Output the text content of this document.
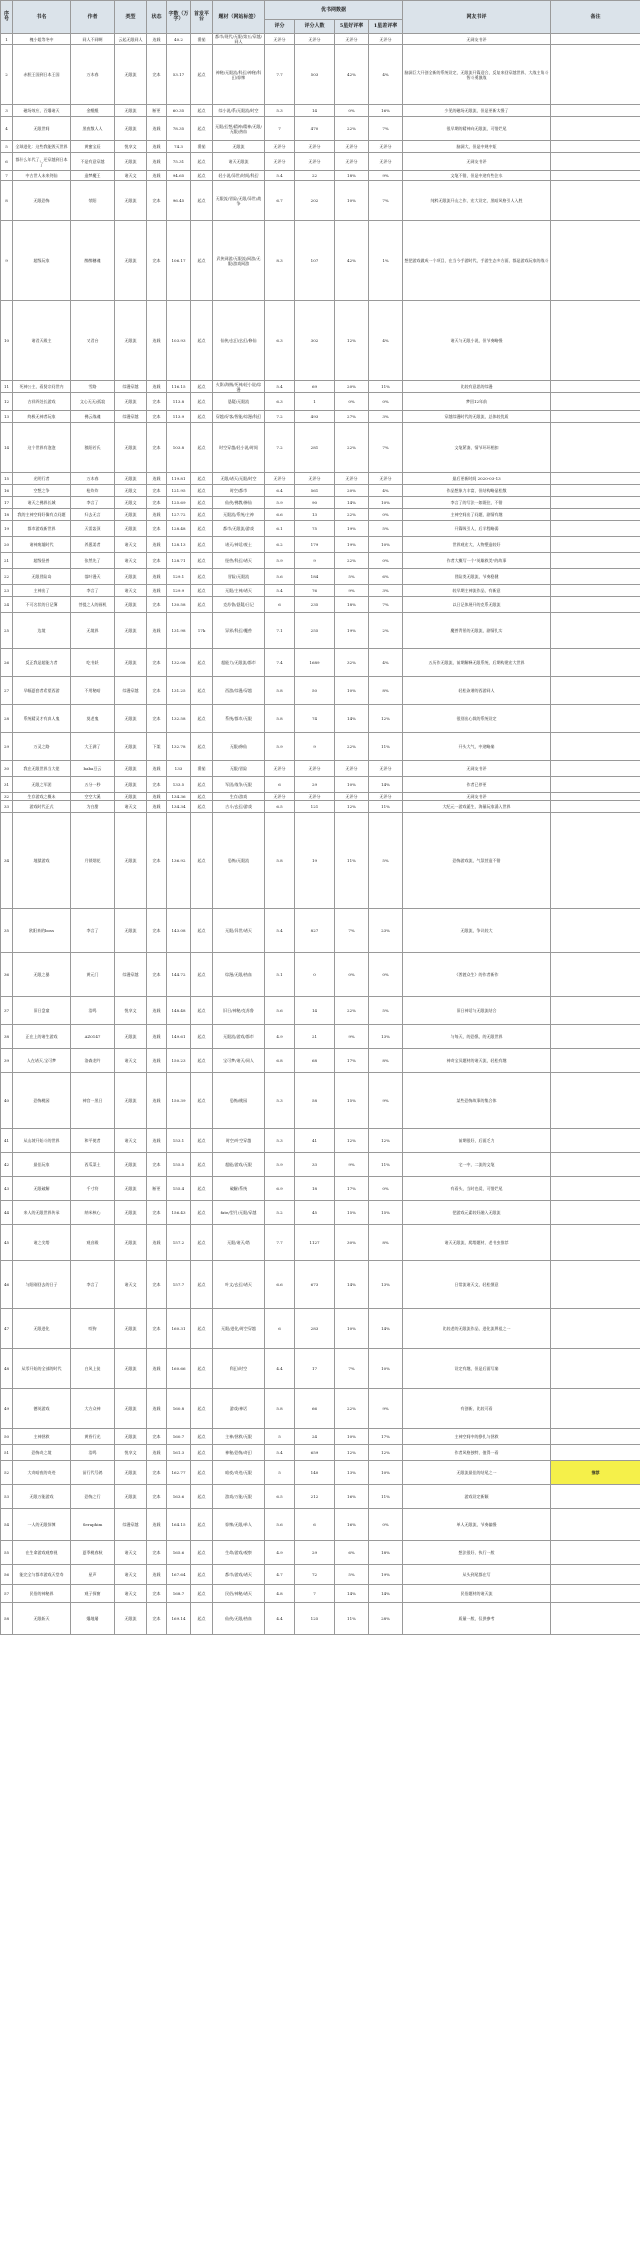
序号	书名	作者	类型	状态	字数（万字）	首发平台	题材（网站标签）	优书网数据				网友书评	备注
								评分	评分人数	5星好评率	1星差评率		
1	槐小姐等冬中	同人不同啊	云起无限同人	连载	40.2	番茄	都市/现代/无限/第五/穿越/同人	无评分	无评分	无评分	无评分	无网友书评	
2	赤胆王国到日本王国	万木春	无限流	完本	53.17	起点	神秘/无限流/科幻/神秘/科幻/惊悚	7.7	503	42%	4%	脑洞巨大开创全新的系统设定，无限流开篇迎合，反复来回穿越世界，大战主角斗智斗勇激战	
3	磁场效应，百爆诸天	金鲲鲲	无限流	断更	60.35	起点	综小说/系/无限流/时空	5.3	14	0%	16%	少见的磁场无限流，但是更新太慢了	
4	无限世间	黑夜散人人	无限流	连载	78.35	起点	无限/幻想/精神/精神/无限/无限/热血	7	470	22%	7%	很早期的精神向无限流，可惜烂尾	
5	全球进化：这些我能毁灭世界	黄蜜宝辰	悦享文	连载	74.3	番茄	无限流	无评分	无评分	无评分	无评分	脑洞大，但是中规中矩	
6	都什么年代了，还穿越到日本了	不是有意穿越	无限流	连载	75.31	起点	诸天无限流	无评分	无评分	无评分	无评分	无网友书评	
7	中古世人未来剑仙	造梦魔王	诸天文	连载	94.65	起点	轻小说/异世/时间/科幻	5.4	22	18%	9%	文笔不错，但是中途有些注水	
8	无限恐怖	荥阳	无限流	完本	96.45	起点	无限流/冒险/无限/异世/战争	6.7	202	10%	7%	纯粹无限流开山之作，宏大设定，黑暗风格引人入胜	
9	超级玩家	醉醉糖魂	无限流	完本	106.17	起点	武侠网游/无限流/网游/无限/游戏网游	8.3	107	42%	1%	想把游戏做成一个项目，在当今手游时代，手游生态多方面，都是游戏玩家的战斗	
10	诸君天殿主	又君台	无限流	连载	103.93	起点	仙侠/玄幻/玄幻/修仙	6.3	302	12%	4%	诸天与无限小说，但节奏略慢	
11	死神公主，看贤宗问世内	雪路	综漫穿越	连载	116.15	起点	火影/海贼/死神/轻小说/综漫	5.4	69	20%	11%	比较有意思的综漫	
12	吉祥四处长游戏	文心无无/孤寂	无限流	完本	113.8	起点	悬疑/无限流	6.3	1	0%	0%	梦回12年前	
13	终极无神者玩家	佛云战魂	综漫穿越	完本	113.9	起点	穿越/好客/智能/综漫/科幻	7.2	493	27%	3%	穿越综漫时代的无限流，总体较优质	
14	这个世界有泡泡	狼阳若氏	无限流	完本	103.8	起点	时空穿越/轻小说/时间	7.2	281	22%	7%	文笔紧凑，情节环环相扣	
15	光明行者	万木春	无限流	连载	119.81	起点	无限/诸天/无限/时空	无评分	无评分	无评分	无评分	最后更新时间 2020-03-13	
16	空想之争	枪炸炸	无限文	完本	121.95	起点	时空/都市	6.4	561	20%	4%	作品想象力丰富，但结构略显松散	
17	诸天之佛界长城	李言了	无限文	完本	125.69	起点	仙侠/佛教/修仙	5.9	90	14%	10%	李言了的写法一如既往，不错	
18	我的主神空间好像有点问题	归去无言	无限流	连载	127.72	起点	无限流/系统/主神	6.6	13	22%	0%	主神空间出了问题，剧情有趣	
19	都市游戏新世界	天雷轰顶	无限流	完本	128.48	起点	都市/无限流/游戏	6.1	75	19%	5%	开篇吸引人，后半程略弱	
20	诸神废墟时代	养葱姜者	诸天文	连载	128.13	起点	诸天/神话/废土	6.2	179	19%	10%	世界观宏大，人物塑造较好	
21	超级怪兽	张然先了	诸天文	完本	128.71	起点	怪兽/科幻/诸天	5.9	9	22%	0%	作者大概写一个"英雄救美"的故事	
22	无限冒险岛	落叶漫天	无限流	连载	129.1	起点	冒险/无限流	5.6	184	5%	6%	冒险类无限流，节奏稳健	
23	主神出了	李言了	诸天文	连载	129.9	起点	无限/主神/诸天	5.4	76	9%	3%	较早期主神流作品，有新意	
24	不可名状的日记簿	菩提之人的画机	无限流	完本	130.58	起点	克苏鲁/悬疑/日记	6	235	18%	7%	以日记体展开的克系无限流	
25	边境	无境界	无限流	连载	131.98	17k	异界/科幻/魔兽	7.1	255	19%	2%	魔兽背景的无限流，剧情扎实	
26	反正我是超能力者	吃书妖	无限流	完本	132.08	起点	超能力/无限流/都市	7.4	1689	32%	4%	五历作无限流，前期解释无限系统，后期构建宏大世界	
27	早幅夏套者希望西游	不用秘暗	综漫穿越	完本	131.25	起点	西游/综漫/穿越	5.8	50	10%	8%	轻松诙谐的西游同人	
28	系统精灵才有真人鬼	莫老鬼	无限流	完本	132.58	起点	系统/都市/无限	5.8	74	14%	12%	很别出心裁的系统设定	
29	万灵之路	大王满了	无限流	下架	132.78	起点	无限/修仙	5.9	9	22%	11%	开头大气，中途略崩	
30	我在无限世界当大佬	baba豆云	无限流	连载	133	番茄	无限/冒险	无评分	无评分	无评分	无评分	无网友书评	
31	无限之军团	五分一秒	无限流	完本	133.5	起点	军团/战争/无限	6	29	10%	14%	作者已停更	
32	生存游戏之概未	空空大溪	无限流	连载	134.36	起点	生存/游戏	无评分	无评分	无评分	无评分	无网友书评	
33	游戏时代正式	为白甜	诸天文	连载	134.34	起点	古斗/玄幻/游戏	6.5	121	12%	11%	大纪元一游戏诞生，海量玩家涌入世界	
34	地狱游戏	月锁烟花	无限流	完本	136.92	起点	恐怖/无限流	5.8	19	11%	5%	恐怖游戏流，气氛营造不错	
35	欧阳来的boss	李言了	无限流	完本	143.08	起点	无限/异世/诸天	5.4	827	7%	23%	无限流，争议较大	
36	无限之暴	黄元门	综漫穿越	完本	144.72	起点	综漫/无限/热血	5.1	0	0%	0%	《普渡众生》的作者新作	
37	旧日盘童	浩鸣	悦享文	连载	148.48	起点	旧日/神秘/克苏鲁	5.6	14	22%	5%	旧日神话与无限流结合	
38	正在上的诸生游戏	AZ0147	无限流	连载	149.61	起点	无限流/游戏/都市	4.9	21	9%	13%	与每天，的恐惧，的无限世界	
39	人在诸天,宝可梦	洛森龙吟	诸天文	连载	150.23	起点	宝可梦/诸天/同人	6.8	68	17%	8%	神奇宝贝题材的诸天流，轻松有趣	
40	恐怖桃园	神宫一黑日	无限流	连载	150.39	起点	恐怖/桃园	5.3	58	15%	9%	某些恐怖故事的集合体	
41	从山坡开始斗的世界	和平使者	诸天文	连载	153.1	起点	时空/叶空穿越	5.3	41	12%	12%	前期很好，后面乏力	
42	最佳玩家	西瓜菜土	无限流	完本	155.5	起点	超能/游戏/无限	5.9	33	9%	11%	宅一中，二流的文笔	
43	无限破解	千寸符	无限流	断更	155.4	起点	破解/系统	6.9	18	17%	0%	有看头，当时也爱，可惜烂尾	
44	来人的无限世界传承	纳米核心	无限流	完本	156.43	起点	fate/型月/无限/穿越	5.2	45	15%	15%	把游戏元素较好融入无限流	
45	诸之尖塔	观音殿	无限流	连载	157.2	起点	无限/诸天/塔	7.7	1127	30%	8%	诸天无限流，爬塔题材，老书虫推荐	
46	与阳刚回去的日子	李言了	诸天文	完本	157.7	起点	叶文/玄幻/诸天	6.6	673	14%	13%	日常流诸天文，轻松惬意	
47	无限进化	咬狗	无限流	完本	160.31	起点	无限/进化/时空穿越	6	283	10%	14%	比较老的无限流作品，进化流鼻祖之一	
48	从零开始的全部的时代	白风上徒	无限流	连载	160.66	起点	科幻/时空	4.4	17	7%	10%	设定有趣，但是后面写崩	
49	德英游戏	大方众神	无限流	连载	160.8	起点	游戏/神话	5.8	66	22%	9%	有创新，比较可看	
50	主神拯救	黄昏行光	无限流	完本	160.7	起点	主神/拯救/无限	5	24	10%	17%	主神空间中的挣扎与拯救	
51	恐怖奇之境	浩鸣	悦享文	连载	161.3	起点	神秘/恐怖/奇幻	5.4	659	12%	12%	作者风格独特，值得一看	
52	大奇暗夜的奇迹	苗行代号鸽	无限流	完本	162.77	起点	暗夜/奇迹/无限	5	140	13%	10%	无限流最佳的结尾之一	推荐
53	无限万能游戏	恐怖之行	无限流	完本	163.6	起点	游戏/万能/无限	6.5	212	16%	11%	游戏设定新颖	
54	一人的无限惊悚	Seraphim	综漫穿越	连载	164.15	起点	惊悚/无限/单人	5.6	6	16%	0%	单人无限流，节奏偏慢	
55	在生命游戏观察视	夏季桃春秋	诸天文	完本	165.6	起点	生命/游戏/观察	4.9	29	6%	18%	想法很好，执行一般	
56	能完全与都市游戏天堂寿	星声	诸天文	连载	167.64	起点	都市/游戏/诸天	4.7	72	5%	19%	从头到尾都在写	
57	民俗的神秘界	观子探窗	诸天文	完本	168.7	起点	民俗/神秘/诸天	4.8	7	14%	14%	民俗题材的诸天流	
58	无限斩天	爆地屠	无限流	完本	169.14	起点	仙侠/无限/热血	4.4	125	11%	28%	质量一般，仅供参考	
